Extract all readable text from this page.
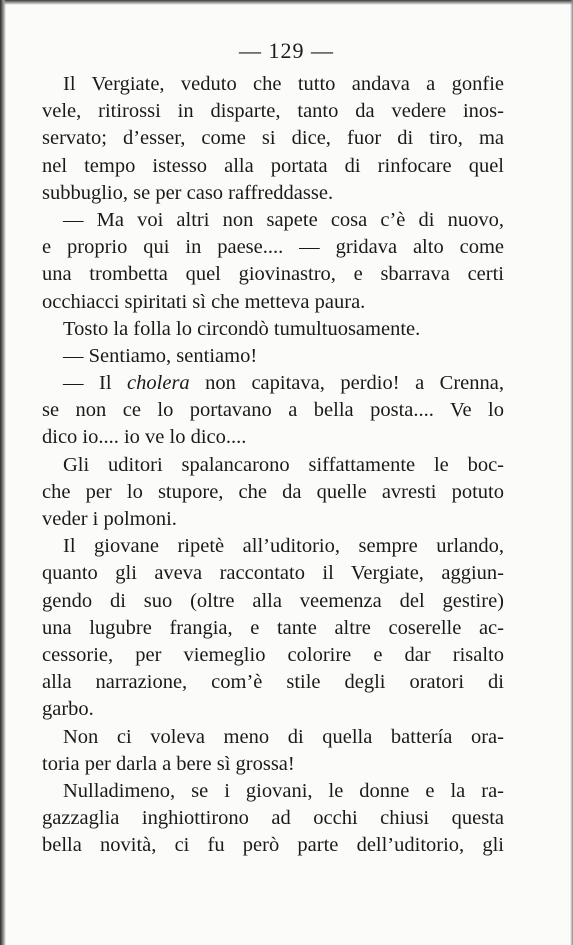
— 129 —
Il Vergiate, veduto che tutto andava a gonfie
vele, ritirossi in disparte, tanto da vedere inos-
servato; d’esser, come si dice, fuor di tiro, ma
nel tempo istesso alla portata di rinfocare quel
subbuglio, se per caso raffreddasse.
— Ma voi altri non sapete cosa c’è di nuovo,
e proprio qui in paese.... — gridava alto come
una trombetta quel giovinastro, e sbarrava certi
occhiacci spiritati sì che metteva paura.
Tosto la folla lo circondò tumultuosamente.
— Sentiamo, sentiamo!
— Il cholera non capitava, perdio! a Crenna,
se non ce lo portavano a bella posta.... Ve lo
dico io.... io ve lo dico....
Gli uditori spalancarono siffattamente le boc-
che per lo stupore, che da quelle avresti potuto
veder i polmoni.
Il giovane ripetè all’uditorio, sempre urlando,
quanto gli aveva raccontato il Vergiate, aggiun-
gendo di suo (oltre alla veemenza del gestire)
una lugubre frangia, e tante altre coserelle ac-
cessorie, per viemeglio colorire e dar risalto
alla narrazione, com’è stile degli oratori di
garbo.
Non ci voleva meno di quella battería ora-
toria per darla a bere sì grossa!
Nulladimeno, se i giovani, le donne e la ra-
gazzaglia inghiottirono ad occhi chiusi questa
bella novità, ci fu però parte dell’uditorio, gli
